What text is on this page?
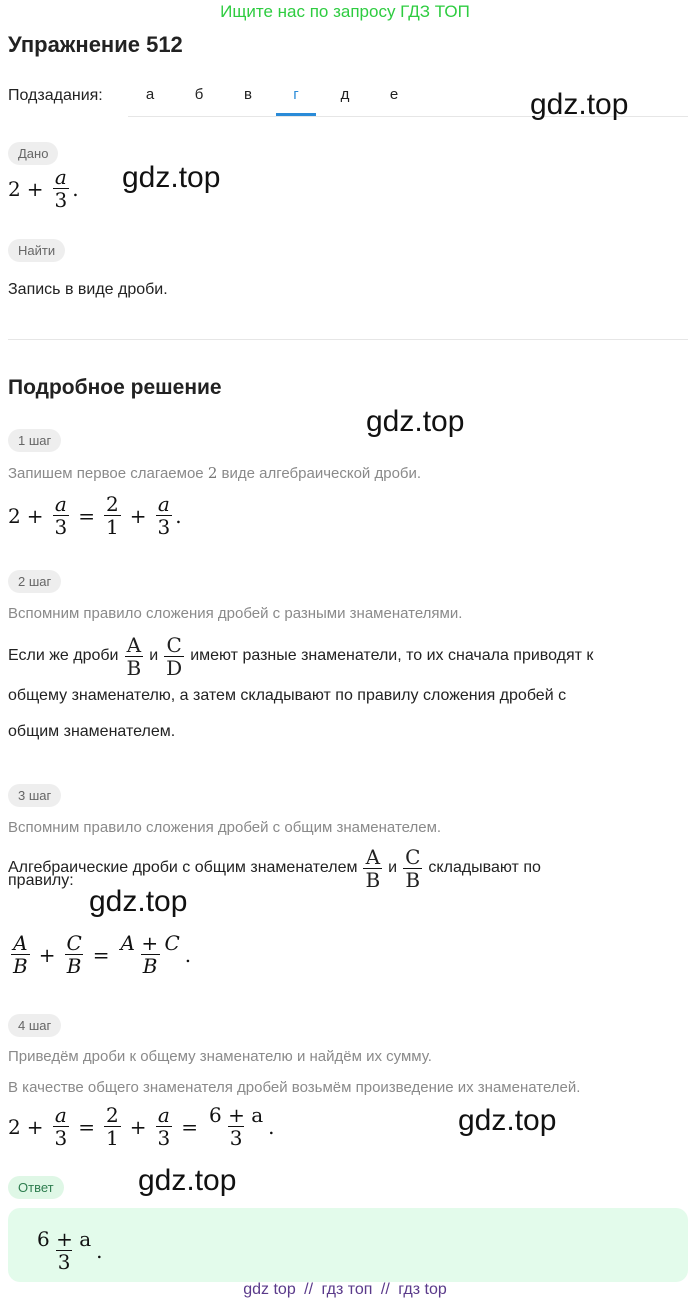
Ищите нас по запросу ГДЗ ТОП
Упражнение 512
Подзадания:	а	б	в	г	д	е	gdz.top
gdz.top
gdz.top
gdz.top
gdz.top
gdz.top
Дано
$2 + \frac{a}{3}$ .
Найти
Запись в виде дроби.
Подробное решение
1 шаг
Запишем первое слагаемое 2 виде алгебраической дроби.
$2 + \frac{a}{3} = \frac{2}{1} + \frac{a}{3}$ .
2 шаг
Вспомним правило сложения дробей с разными знаменателями.
Если же дроби $\frac{A}{B}$ и $\frac{C}{D}$ имеют разные знаменатели, то их сначала приводят к
общему знаменателю, а затем складывают по правилу сложения дробей с
общим знаменателем.
3 шаг
Вспомним правило сложения дробей с общим знаменателем.
Алгебраические дроби с общим знаменателем $\frac{A}{B}$ и $\frac{C}{B}$ складывают по
правилу:
$\frac{A}{B} + \frac{C}{B} = \frac{A + C}{B}$ .
4 шаг
Приведём дроби к общему знаменателю и найдём их сумму.
В качестве общего знаменателя дробей возьмём произведение их знаменателей.
$2 + \frac{a}{3} = \frac{2}{1} + \frac{a}{3} = \frac{6 + a}{3}$ .
Ответ
$\frac{6 + a}{3}$ .
gdz top // гдз топ // гдз top
